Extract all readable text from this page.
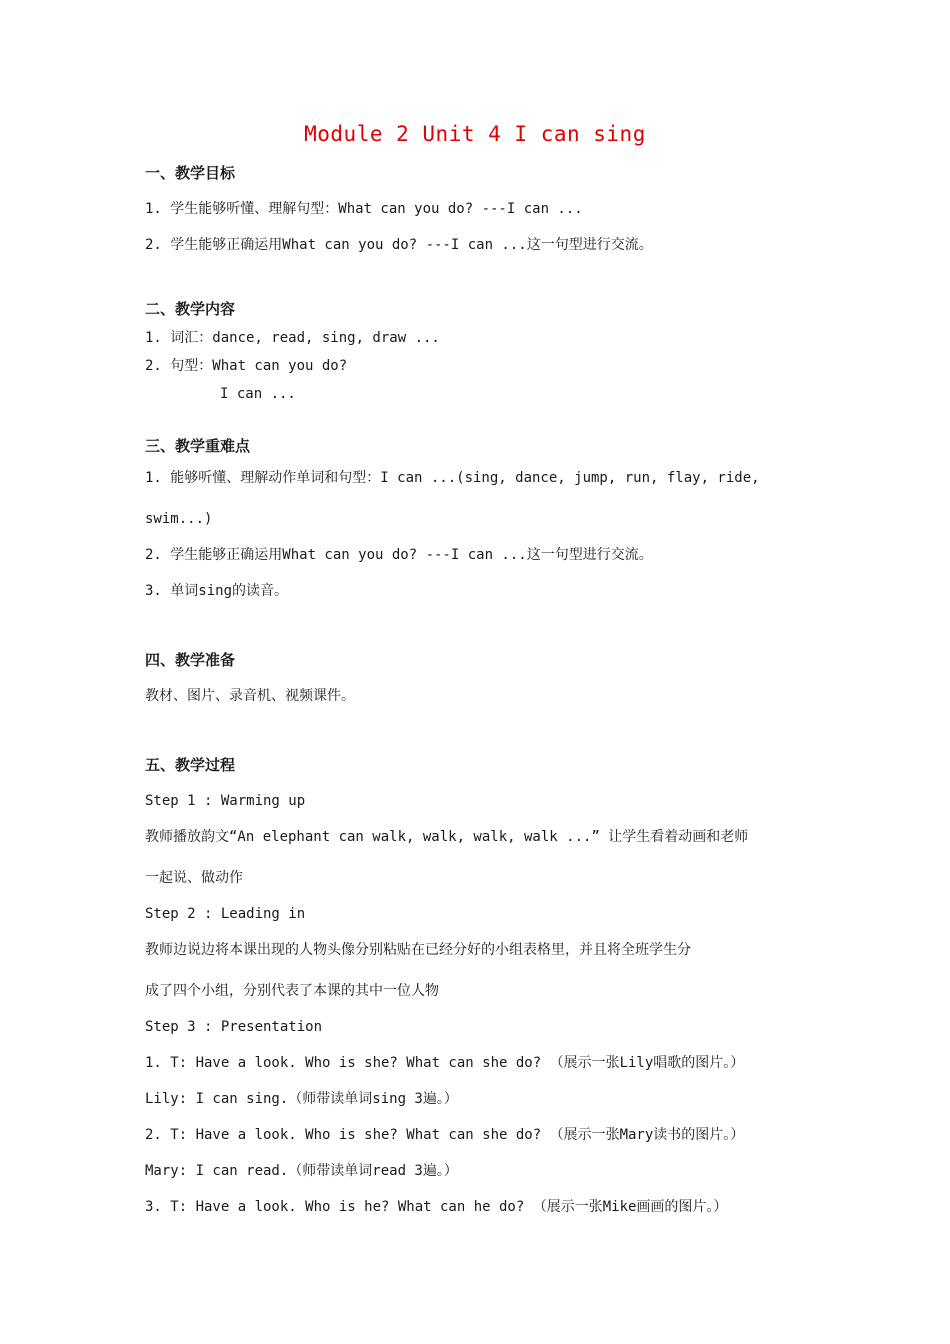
Module 2 Unit 4 I can sing
一、教学目标
1. 学生能够听懂、理解句型：What can you do? ---I can ...
2. 学生能够正确运用What can you do? ---I can ...这一句型进行交流。
二、教学内容
1. 词汇：dance, read, sing, draw ...
2. 句型：What can you do?
I can ...
三、教学重难点
1. 能够听懂、理解动作单词和句型：I can ...(sing, dance, jump, run, flay, ride,
swim...)
2. 学生能够正确运用What can you do? ---I can ...这一句型进行交流。
3. 单词sing的读音。
四、教学准备
教材、图片、录音机、视频课件。
五、教学过程
Step 1 : Warming up
教师播放韵文“An elephant can walk, walk, walk, walk ...” 让学生看着动画和老师
一起说、做动作
Step 2 : Leading in
教师边说边将本课出现的人物头像分别粘贴在已经分好的小组表格里，并且将全班学生分
成了四个小组，分别代表了本课的其中一位人物
Step 3 : Presentation
1. T: Have a look. Who is she? What can she do? （展示一张Lily唱歌的图片。）
Lily: I can sing.（师带读单词sing 3遍。）
2. T: Have a look. Who is she? What can she do? （展示一张Mary读书的图片。）
Mary: I can read.（师带读单词read 3遍。）
3. T: Have a look. Who is he? What can he do? （展示一张Mike画画的图片。）
